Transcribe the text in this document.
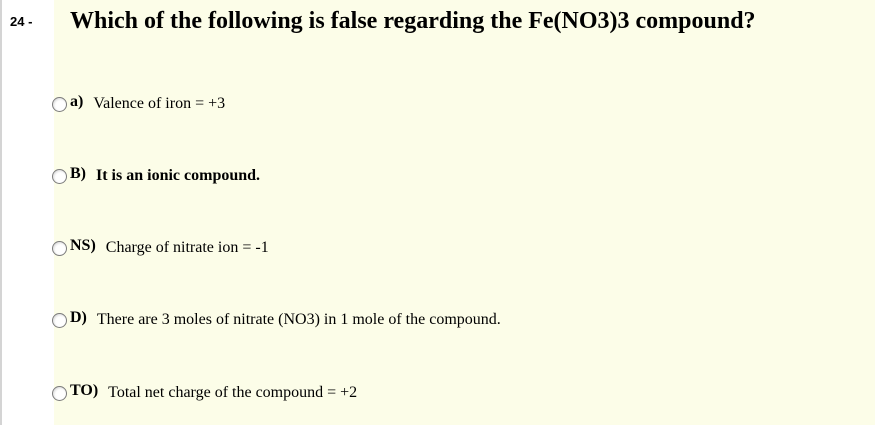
24 - Which of the following is false regarding the Fe(NO3)3 compound?
a) Valence of iron = +3
B) It is an ionic compound.
NS) Charge of nitrate ion = -1
D) There are 3 moles of nitrate (NO3) in 1 mole of the compound.
TO) Total net charge of the compound = +2
